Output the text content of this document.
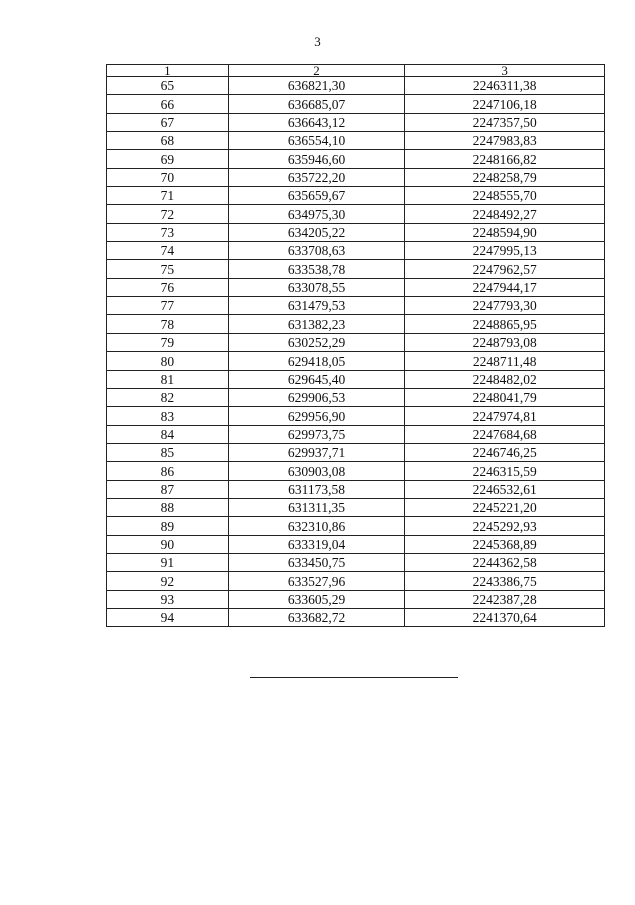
3
1	2	3
65	636821,30	2246311,38
66	636685,07	2247106,18
67	636643,12	2247357,50
68	636554,10	2247983,83
69	635946,60	2248166,82
70	635722,20	2248258,79
71	635659,67	2248555,70
72	634975,30	2248492,27
73	634205,22	2248594,90
74	633708,63	2247995,13
75	633538,78	2247962,57
76	633078,55	2247944,17
77	631479,53	2247793,30
78	631382,23	2248865,95
79	630252,29	2248793,08
80	629418,05	2248711,48
81	629645,40	2248482,02
82	629906,53	2248041,79
83	629956,90	2247974,81
84	629973,75	2247684,68
85	629937,71	2246746,25
86	630903,08	2246315,59
87	631173,58	2246532,61
88	631311,35	2245221,20
89	632310,86	2245292,93
90	633319,04	2245368,89
91	633450,75	2244362,58
92	633527,96	2243386,75
93	633605,29	2242387,28
94	633682,72	2241370,64
